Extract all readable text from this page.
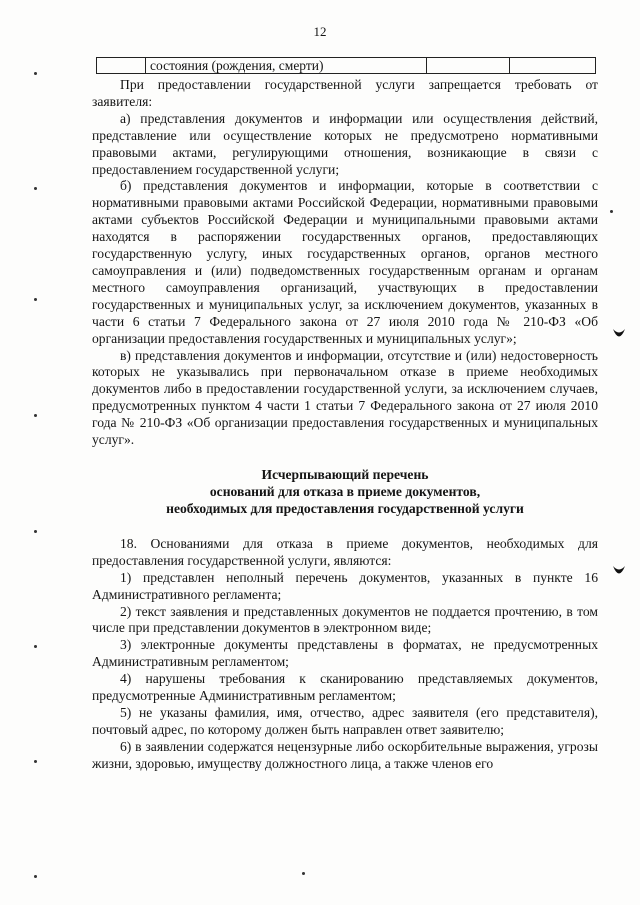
12
	состояния (рождения, смерти)		

При предоставлении государственной услуги запрещается требовать от заявителя:

а) представления документов и информации или осуществления действий, представление или осуществление которых не предусмотрено нормативными правовыми актами, регулирующими отношения, возникающие в связи с предоставлением государственной услуги;

б) представления документов и информации, которые в соответствии с нормативными правовыми актами Российской Федерации, нормативными правовыми актами субъектов Российской Федерации и муниципальными правовыми актами находятся в распоряжении государственных органов, предоставляющих государственную услугу, иных государственных органов, органов местного самоуправления и (или) подведомственных государственным органам и органам местного самоуправления организаций, участвующих в предоставлении государственных и муниципальных услуг, за исключением документов, указанных в части 6 статьи 7 Федерального закона от 27 июля 2010 года № 210-ФЗ «Об организации предоставления государственных и муниципальных услуг»;

в) представления документов и информации, отсутствие и (или) недостоверность которых не указывались при первоначальном отказе в приеме необходимых документов либо в предоставлении государственной услуги, за исключением случаев, предусмотренных пунктом 4 части 1 статьи 7 Федерального закона от 27 июля 2010 года № 210-ФЗ «Об организации предоставления государственных и муниципальных услуг».

Исчерпывающий перечень
оснований для отказа в приеме документов,
необходимых для предоставления государственной услуги

18. Основаниями для отказа в приеме документов, необходимых для предоставления государственной услуги, являются:

1) представлен неполный перечень документов, указанных в пункте 16 Административного регламента;

2) текст заявления и представленных документов не поддается прочтению, в том числе при представлении документов в электронном виде;

3) электронные документы представлены в форматах, не предусмотренных Административным регламентом;

4) нарушены требования к сканированию представляемых документов, предусмотренные Административным регламентом;

5) не указаны фамилия, имя, отчество, адрес заявителя (его представителя), почтовый адрес, по которому должен быть направлен ответ заявителю;

6) в заявлении содержатся нецензурные либо оскорбительные выражения, угрозы жизни, здоровью, имуществу должностного лица, а также членов его
